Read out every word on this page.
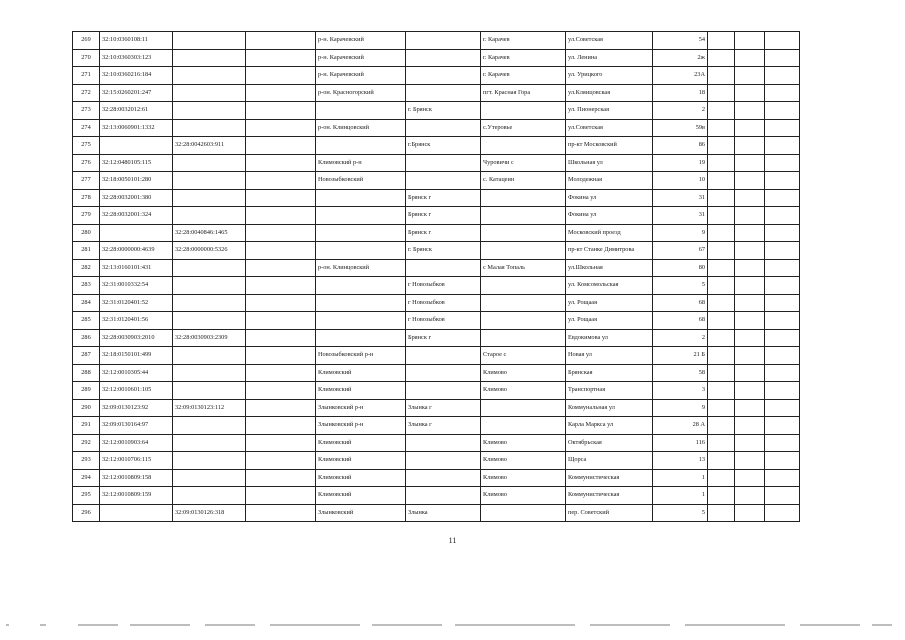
269	32:10:0360108:11			р-н. Карачевский		г. Карачев	ул.Советская	54			
270	32:10:0360303:123			р-н. Карачевский		г. Карачев	ул. Ленина	2ж			
271	32:10:0360216:184			р-н. Карачевский		г. Карачев	ул. Урицкого	23А			
272	32:15:0260201:247			р-он. Красногорский		пгт. Красная Гора	ул.Кляицовская	18			
273	32:28:0032012:61				г. Брянск		ул. Пионерская	2			
274	32:13:0060901:1332			р-он. Клинцовский		с.Утеровье	ул.Советская	59в			
275		32:28:0042603:911			г.Брянск		пр-кт Московский	86			
276	32:12:0480105:115			Климовский р-н		Чуровичи с	Школьная ул	19			
277	32:18:0050101:280			Новозыбковский		с. Катацеин	Молодежная	10			
278	32:28:0032001:380				Брянск г		Фокина ул	31			
279	32:28:0032001:324				Брянск г		Фокина ул	31			
280		32:28:0040846:1465			Брянск г		Московский проезд	9			
281	32:28:0000000:4639	32:28:0000000:5326			г. Брянск		пр-кт Станке Димитрова	67			
282	32:13:0160101:431			р-он. Клинцовский		с Малая Топаль	ул.Школьная	80			
283	32:31:0010332:54				г Новозыбков		ул. Комсомольская	5			
284	32:31:0120401:52				г Новозыбков		ул. Рощаая	68			
285	32:31:0120401:56				г Новозыбков		ул. Рощаая	68			
286	32:28:0030903:2010	32:28:0030903:2309			Брянск г		Евдокимова ул	2			
287	32:18:0150101:499			Новозыбковский р-н		Старое с	Новая ул	21 Б			
288	32:12:0010305:44			Климовский		Климово	Брянская	58			
289	32:12:0010601:105			Климовский		Климово	Транспортная	3			
290	32:09:0130123:92	32:09:0130123:112		Злынковский р-н	Злынка г		Коммунальная ул	9			
291	32:09:0130164:97			Злынковский р-н	Злынка г		Карла Маркса ул	28 А			
292	32:12:0010903:64			Климовский		Климово	Октябрьская	116			
293	32:12:0010706:115			Климовский		Климово	Щорса	13			
294	32:12:0010809:158			Климовский		Климово	Коммунистическая	1			
295	32:12:0010809:159			Климовский		Климово	Коммунистическая	1			
296		32:09:0130126:318		Злынковский	Злынка		пер. Советский	5			
11
